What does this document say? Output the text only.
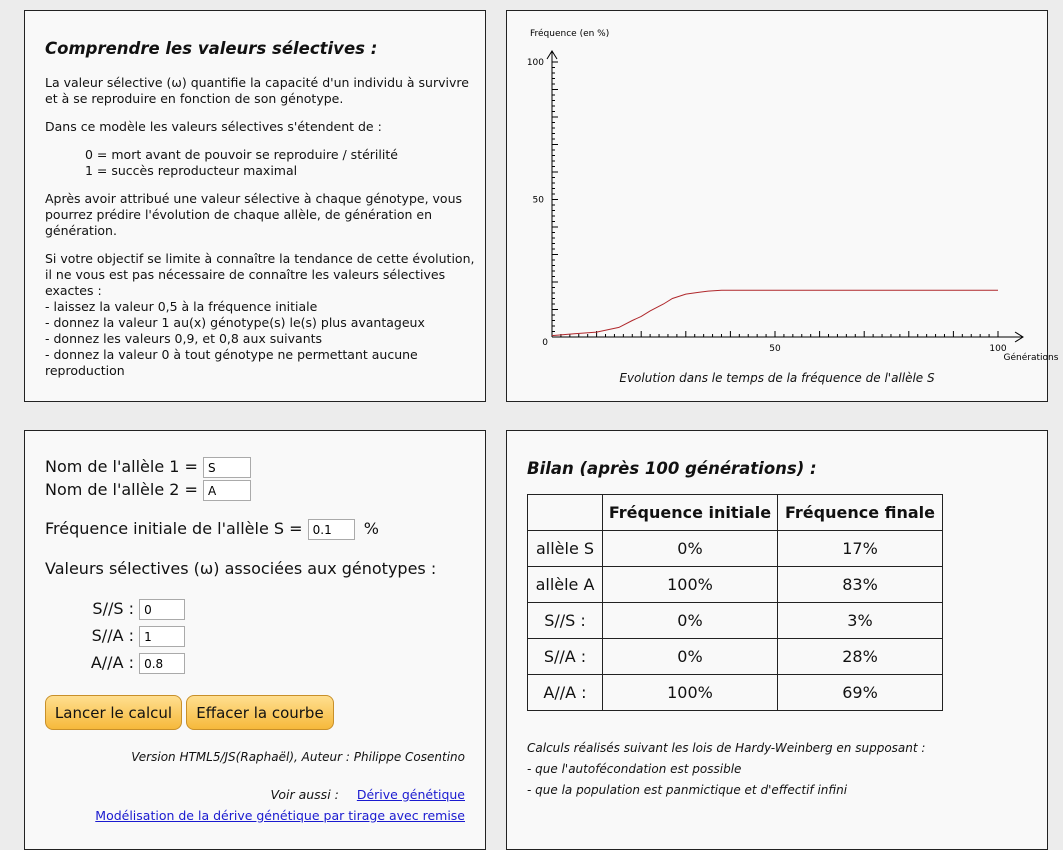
Comprendre les valeurs sélectives :

La valeur sélective (ω) quantifie la capacité d'un individu à survivre et à se reproduire en fonction de son génotype.

Dans ce modèle les valeurs sélectives s'étendent de :

0 = mort avant de pouvoir se reproduire / stérilité
1 = succès reproducteur maximal

Après avoir attribué une valeur sélective à chaque génotype, vous pourrez prédire l'évolution de chaque allèle, de génération en génération.

Si votre objectif se limite à connaître la tendance de cette évolution, il ne vous est pas nécessaire de connaître les valeurs sélectives exactes :

- laissez la valeur 0,5 à la fréquence initiale
- donnez la valeur 1 au(x) génotype(s) le(s) plus avantageux
- donnez les valeurs 0,9, et 0,8 aux suivants
- donnez la valeur 0 à tout génotype ne permettant aucune reproduction
0
50	100
50
100
Fréquence (en %)
Générations
Evolution dans le temps de la fréquence de l'allèle S
Nom de l'allèle 1 = S
Nom de l'allèle 2 = A
Fréquence initiale de l'allèle S = 0.1	%
Valeurs sélectives (ω) associées aux génotypes :
S//S : 0
S//A : 1
A//A : 0.8
Lancer le calcul	Effacer la courbe
Version HTML5/JS(Raphaël), Auteur : Philippe Cosentino
Voir aussi : Dérive génétique
Modélisation de la dérive génétique par tirage avec remise
Bilan (après 100 générations) :
	Fréquence initiale	Fréquence finale
allèle S	0%	17%
allèle A	100%	83%
S//S :	0%	3%
S//A :	0%	28%
A//A :	100%	69%
Calculs réalisés suivant les lois de Hardy-Weinberg en supposant :
- que l'autofécondation est possible
- que la population est panmictique et d'effectif infini
